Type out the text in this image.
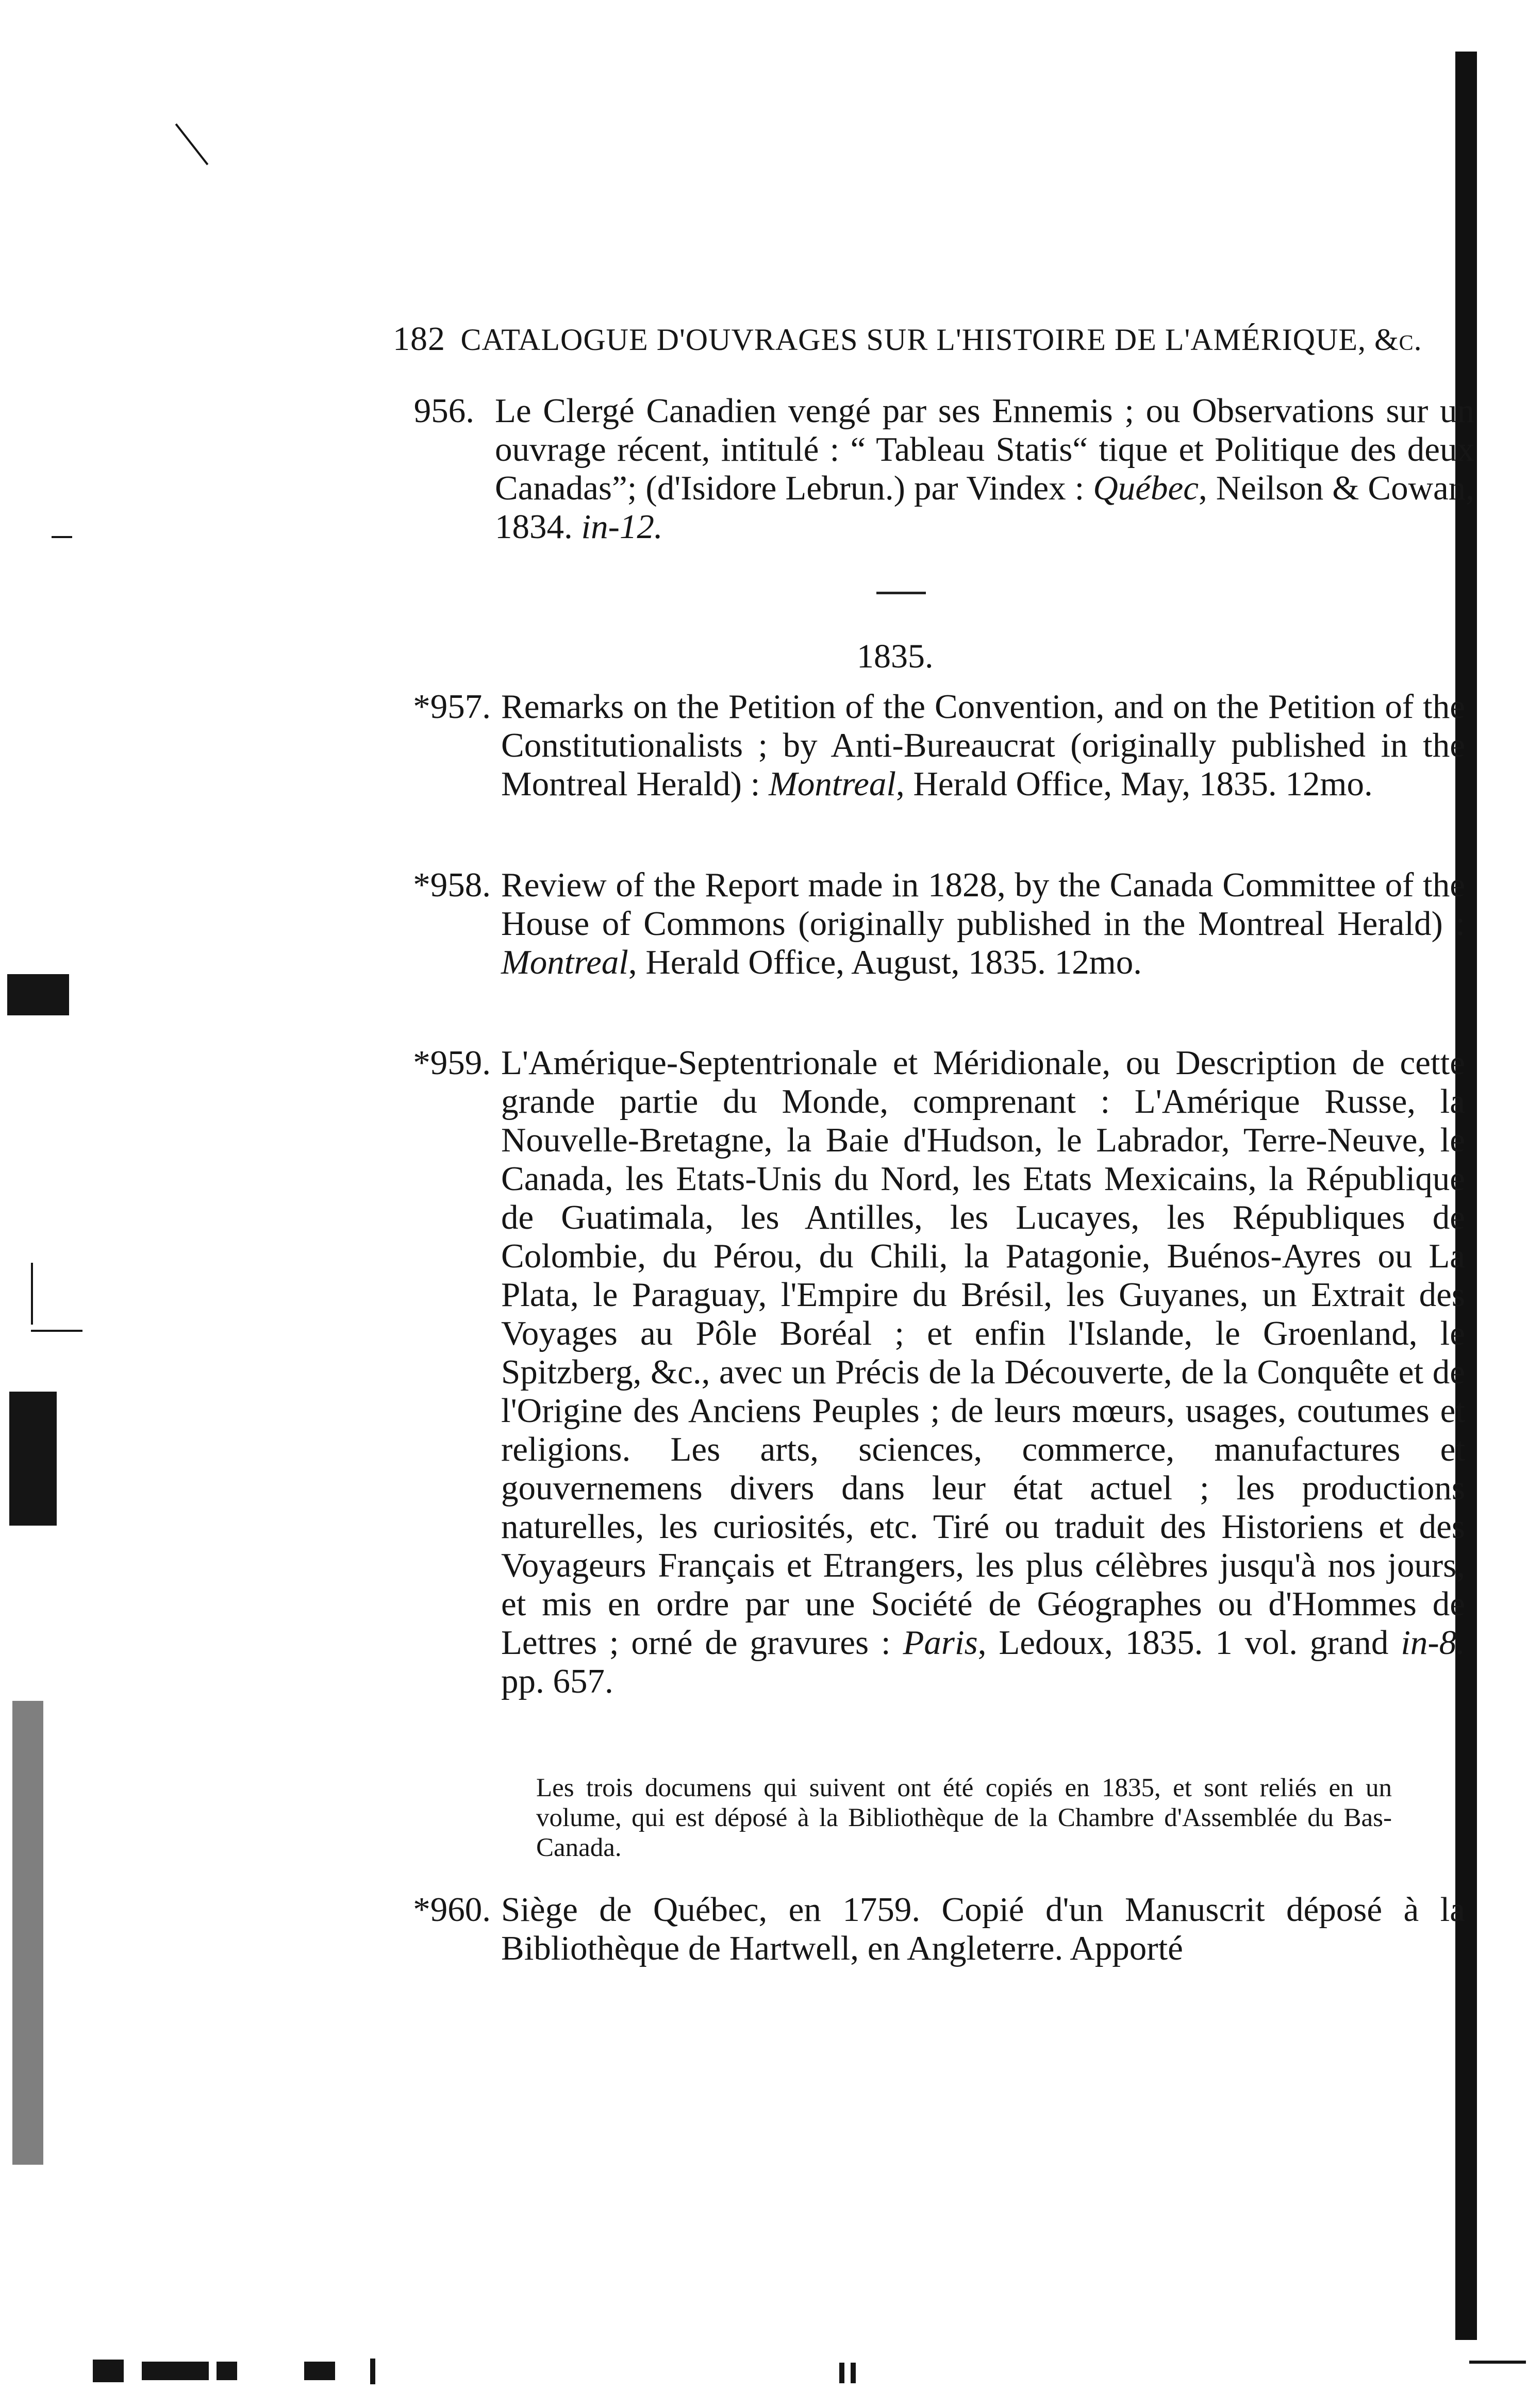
182 CATALOGUE D'OUVRAGES SUR L'HISTOIRE DE L'AMÉRIQUE, &c.
956. Le Clergé Canadien vengé par ses Ennemis ; ou Observations sur un ouvrage récent, intitulé : “ Tableau Statis“ tique et Politique des deux Canadas”; (d'Isidore Lebrun.) par Vindex : Québec, Neilson & Cowan, 1834. in-12.
1835.
*957. Remarks on the Petition of the Convention, and on the Petition of the Constitutionalists ; by Anti-Bureaucrat (originally published in the Montreal Herald) : Montreal, Herald Office, May, 1835. 12mo.
*958. Review of the Report made in 1828, by the Canada Committee of the House of Commons (originally published in the Montreal Herald) : Montreal, Herald Office, August, 1835. 12mo.
*959. L'Amérique-Septentrionale et Méridionale, ou Description de cette grande partie du Monde, comprenant : L'Amérique Russe, la Nouvelle-Bretagne, la Baie d'Hudson, le Labrador, Terre-Neuve, le Canada, les Etats-Unis du Nord, les Etats Mexicains, la République de Guatimala, les Antilles, les Lucayes, les Républiques de Colombie, du Pérou, du Chili, la Patagonie, Buénos-Ayres ou La Plata, le Paraguay, l'Empire du Brésil, les Guyanes, un Extrait des Voyages au Pôle Boréal ; et enfin l'Islande, le Groenland, le Spitzberg, &c., avec un Précis de la Découverte, de la Conquête et de l'Origine des Anciens Peuples ; de leurs mœurs, usages, coutumes et religions. Les arts, sciences, commerce, manufactures et gouvernemens divers dans leur état actuel ; les productions naturelles, les curiosités, etc. Tiré ou traduit des Historiens et des Voyageurs Français et Etrangers, les plus célèbres jusqu'à nos jours, et mis en ordre par une Société de Géographes ou d'Hommes de Lettres ; orné de gravures : Paris, Ledoux, 1835. 1 vol. grand in-8. pp. 657.

Les trois documens qui suivent ont été copiés en 1835, et sont reliés en un volume, qui est déposé à la Bibliothèque de la Chambre d'Assemblée du Bas-Canada.

*960. Siège de Québec, en 1759. Copié d'un Manuscrit déposé à la Bibliothèque de Hartwell, en Angleterre. Apporté
